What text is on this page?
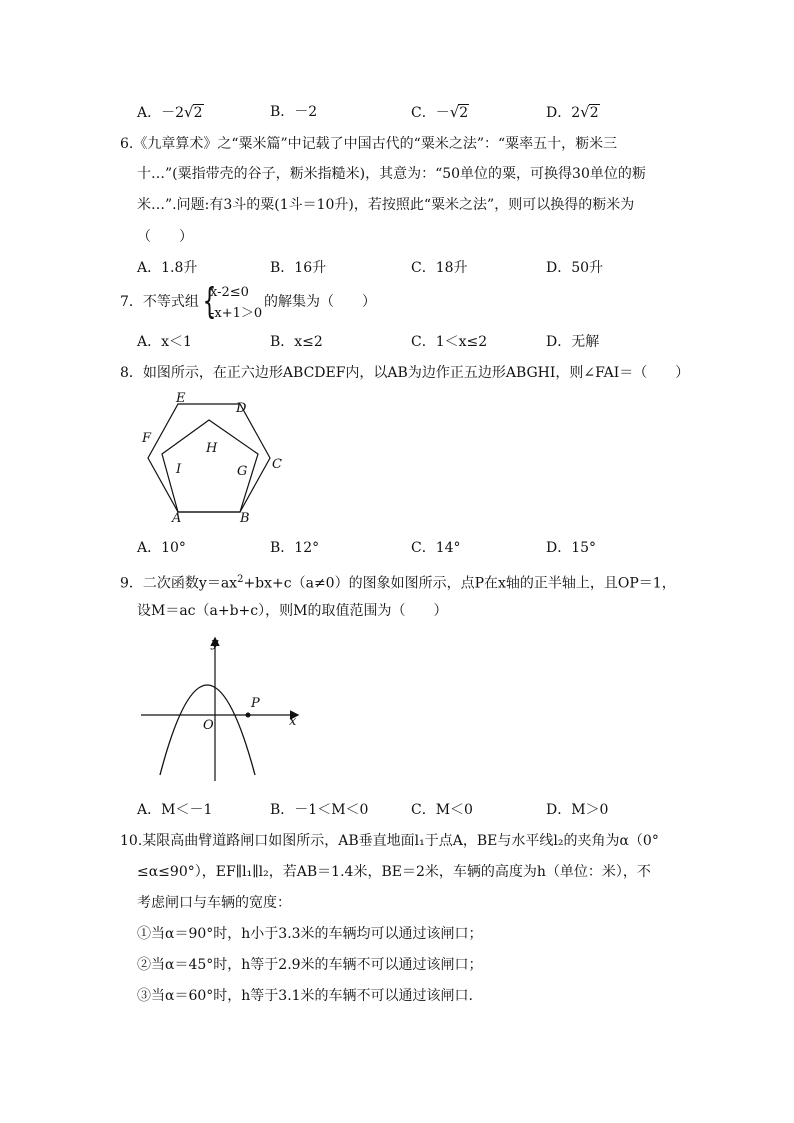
A．－2√2	B．－2	C．－√2	D．2√2
6.《九章算术》之“粟米篇”中记载了中国古代的“粟米之法”：“粟率五十，粝米三
十…”(粟指带壳的谷子，粝米指糙米)，其意为：“50单位的粟，可换得30单位的粝
米…”.问题:有3斗的粟(1斗＝10升)，若按照此“粟米之法”，则可以换得的粝米为
（　　）
A．1.8升	B．16升	C．18升	D．50升
7．不等式组 {
x-2≤0
-x+1＞0
的解集为（　　）
A．x＜1	B．x≤2	C．1＜x≤2	D．无解
8．如图所示，在正六边形ABCDEF内，以AB为边作正五边形ABGHI，则∠FAI＝（　　）
E
D
F
C
H
I	G
A	B
A．10°	B．12°	C．14°	D．15°
9．二次函数$y=ax^2+bx+c(a\ne 0)$的图象如图所示，点P在x轴的正半轴上，且OP＝1，
设M＝ac（a+b+c），则M的取值范围为（　　）
y
x
O
P
A．M＜－1	B．－1＜M＜0	C．M＜0	D．M＞0
10.某限高曲臂道路闸口如图所示，AB垂直地面l₁于点A，BE与水平线l₂的夹角为α（0°
≤α≤90°），EF∥l₁∥l₂，若AB＝1.4米，BE＝2米，车辆的高度为h（单位：米），不
考虑闸口与车辆的宽度：
①当α＝90°时，h小于3.3米的车辆均可以通过该闸口；
②当α＝45°时，h等于2.9米的车辆不可以通过该闸口；
③当α＝60°时，h等于3.1米的车辆不可以通过该闸口.
